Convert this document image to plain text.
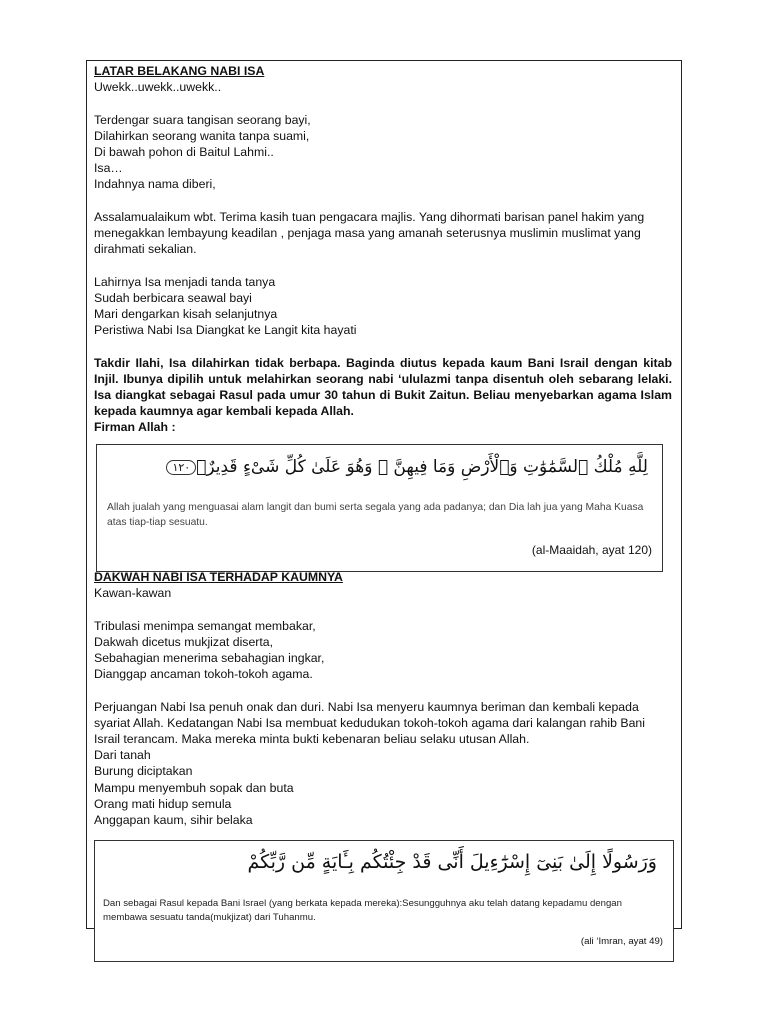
LATAR BELAKANG NABI ISA
Uwekk..uwekk..uwekk..
Terdengar suara tangisan seorang bayi,
Dilahirkan seorang wanita tanpa suami,
Di bawah pohon di Baitul Lahmi..
Isa…
Indahnya nama diberi,
Assalamualaikum wbt. Terima kasih tuan pengacara majlis. Yang dihormati barisan panel hakim yang menegakkan lembayung keadilan , penjaga masa yang amanah seterusnya muslimin muslimat yang dirahmati sekalian.
Lahirnya Isa menjadi tanda tanya
Sudah berbicara seawal bayi
Mari dengarkan kisah selanjutnya
Peristiwa Nabi Isa Diangkat ke Langit kita hayati
Takdir Ilahi, Isa dilahirkan tidak berbapa. Baginda diutus kepada kaum Bani Israil dengan kitab Injil. Ibunya dipilih untuk melahirkan seorang nabi ‘ululazmi tanpa disentuh oleh sebarang lelaki. Isa diangkat sebagai Rasul pada umur 30 tahun di Bukit Zaitun. Beliau menyebarkan agama Islam kepada kaumnya agar kembali kepada Allah.
Firman Allah :
لِلَّهِ مُلْكُ ٱلسَّمَٰوَٰتِ وَٱلْأَرْضِ وَمَا فِيهِنَّ ۚ وَهُوَ عَلَىٰ كُلِّ شَىْءٍ قَدِيرٌۢ١٢٠
Allah jualah yang menguasai alam langit dan bumi serta segala yang ada padanya; dan Dia lah jua yang Maha Kuasa atas tiap-tiap sesuatu.
(al-Maaidah, ayat 120)
DAKWAH NABI ISA TERHADAP KAUMNYA
Kawan-kawan
Tribulasi menimpa semangat membakar,
Dakwah dicetus mukjizat diserta,
Sebahagian menerima sebahagian ingkar,
Dianggap ancaman tokoh-tokoh agama.
Perjuangan Nabi Isa penuh onak dan duri. Nabi Isa menyeru kaumnya beriman dan kembali kepada syariat Allah. Kedatangan Nabi Isa membuat kedudukan tokoh-tokoh agama dari kalangan rahib Bani Israil terancam. Maka mereka minta bukti kebenaran beliau selaku utusan Allah.
Dari tanah
Burung diciptakan
Mampu menyembuh sopak dan buta
Orang mati hidup semula
Anggapan kaum, sihir belaka
وَرَسُولًا إِلَىٰ بَنِىٓ إِسْرَٰٓءِيلَ أَنِّى قَدْ جِئْتُكُم بِـَٔايَةٍ مِّن رَّبِّكُمْ
Dan sebagai Rasul kepada Bani Israel (yang berkata kepada mereka):Sesungguhnya aku telah datang kepadamu dengan membawa sesuatu tanda(mukjizat) dari Tuhanmu.
(ali ‘Imran, ayat 49)
